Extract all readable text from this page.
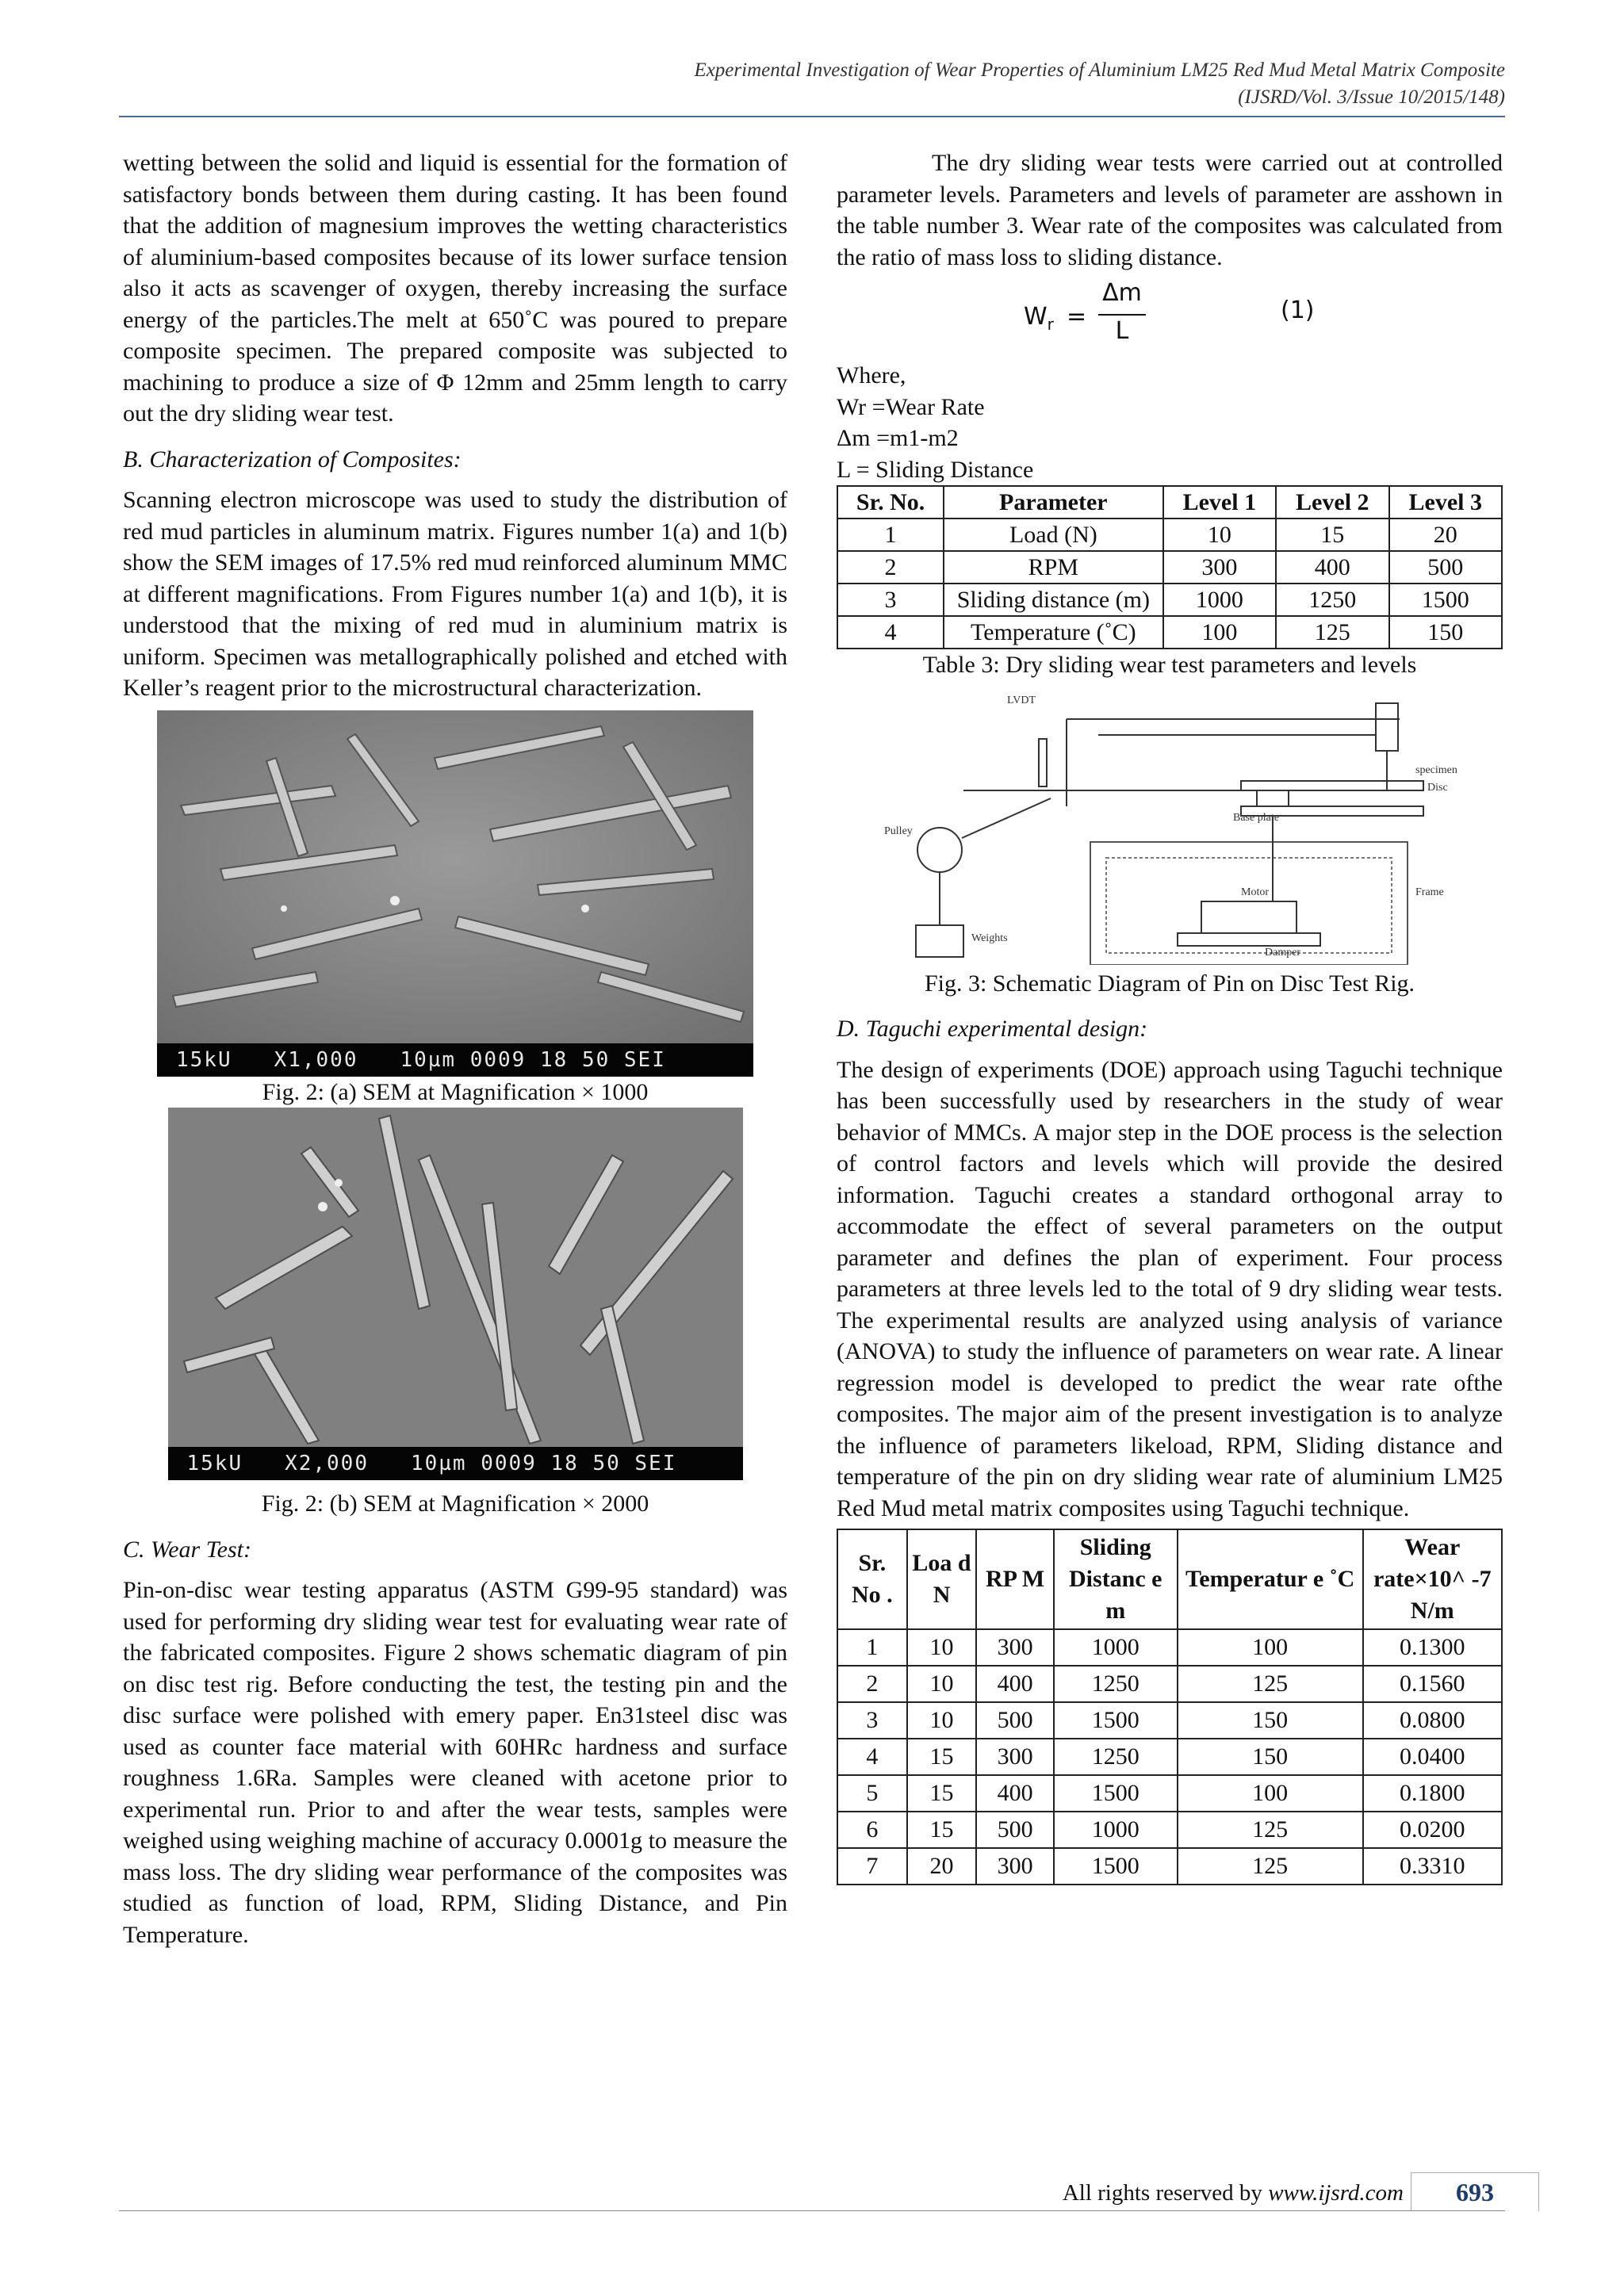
Experimental Investigation of Wear Properties of Aluminium LM25 Red Mud Metal Matrix Composite
(IJSRD/Vol. 3/Issue 10/2015/148)

wetting between the solid and liquid is essential for the formation of satisfactory bonds between them during casting. It has been found that the addition of magnesium improves the wetting characteristics of aluminium-based composites because of its lower surface tension also it acts as scavenger of oxygen, thereby increasing the surface energy of the particles.The melt at 650˚C was poured to prepare composite specimen. The prepared composite was subjected to machining to produce a size of Φ 12mm and 25mm length to carry out the dry sliding wear test.

B. Characterization of Composites:

Scanning electron microscope was used to study the distribution of red mud particles in aluminum matrix. Figures number 1(a) and 1(b) show the SEM images of 17.5% red mud reinforced aluminum MMC at different magnifications. From Figures number 1(a) and 1(b), it is understood that the mixing of red mud in aluminium matrix is uniform. Specimen was metallographically polished and etched with Keller’s reagent prior to the microstructural characterization.

15kU   X1,000   10µm 0009 18 50 SEI
Fig. 2: (a) SEM at Magnification × 1000
15kU   X2,000   10µm 0009 18 50 SEI
Fig. 2: (b) SEM at Magnification × 2000
C. Wear Test:

Pin-on-disc wear testing apparatus (ASTM G99-95 standard) was used for performing dry sliding wear test for evaluating wear rate of the fabricated composites. Figure 2 shows schematic diagram of pin on disc test rig. Before conducting the test, the testing pin and the disc surface were polished with emery paper. En31steel disc was used as counter face material with 60HRc hardness and surface roughness 1.6Ra. Samples were cleaned with acetone prior to experimental run. Prior to and after the wear tests, samples were weighed using weighing machine of accuracy 0.0001g to measure the mass loss. The dry sliding wear performance of the composites was studied as function of load, RPM, Sliding Distance, and Pin Temperature.

The dry sliding wear tests were carried out at controlled parameter levels. Parameters and levels of parameter are asshown in the table number 3. Wear rate of the composites was calculated from the ratio of mass loss to sliding distance.

$W_r$ =
Δm
L
(1)
Where,
Wr =Wear Rate
Δm =m1-m2
L = Sliding Distance
Sr. No.	Parameter	Level 1	Level 2	Level 3
1	Load (N)	10	15	20
2	RPM	300	400	500
3	Sliding distance (m)	1000	1250	1500
4	Temperature (˚C)	100	125	150
Table 3: Dry sliding wear test parameters and levels
LVDT
specimen
Disc
Base plate
Pulley
Motor	Frame
Weights
Damper
Fig. 3: Schematic Diagram of Pin on Disc Test Rig.
D. Taguchi experimental design:

The design of experiments (DOE) approach using Taguchi technique has been successfully used by researchers in the study of wear behavior of MMCs. A major step in the DOE process is the selection of control factors and levels which will provide the desired information. Taguchi creates a standard orthogonal array to accommodate the effect of several parameters on the output parameter and defines the plan of experiment. Four process parameters at three levels led to the total of 9 dry sliding wear tests. The experimental results are analyzed using analysis of variance (ANOVA) to study the influence of parameters on wear rate. A linear regression model is developed to predict the wear rate ofthe composites. The major aim of the present investigation is to analyze the influence of parameters likeload, RPM, Sliding distance and temperature of the pin on dry sliding wear rate of aluminium LM25 Red Mud metal matrix composites using Taguchi technique.

Sr. No .	Loa d N	RP M	Sliding Distanc e m	Temperatur e ˚C	Wear rate×10^ -7 N/m
1	10	300	1000	100	0.1300
2	10	400	1250	125	0.1560
3	10	500	1500	150	0.0800
4	15	300	1250	150	0.0400
5	15	400	1500	100	0.1800
6	15	500	1000	125	0.0200
7	20	300	1500	125	0.3310
All rights reserved by www.ijsrd.com	693
